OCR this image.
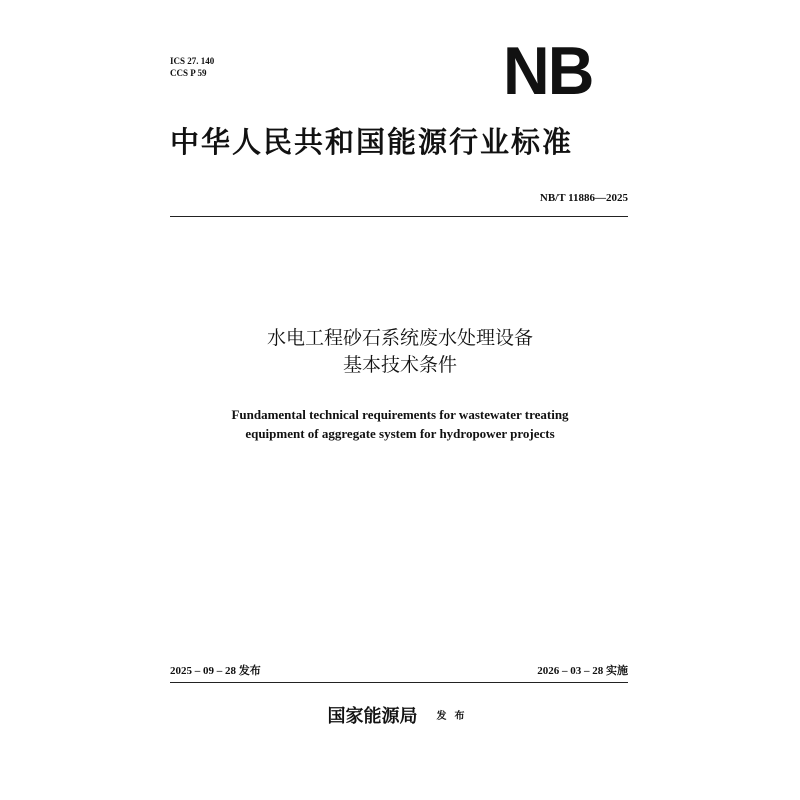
ICS 27. 140
CCS P 59	NB
中华人民共和国能源行业标准
NB/T 11886—2025
水电工程砂石系统废水处理设备
基本技术条件
Fundamental technical requirements for wastewater treating
equipment of aggregate system for hydropower projects
2025 – 09 – 28 发布	2026 – 03 – 28 实施
国家能源局 发布
